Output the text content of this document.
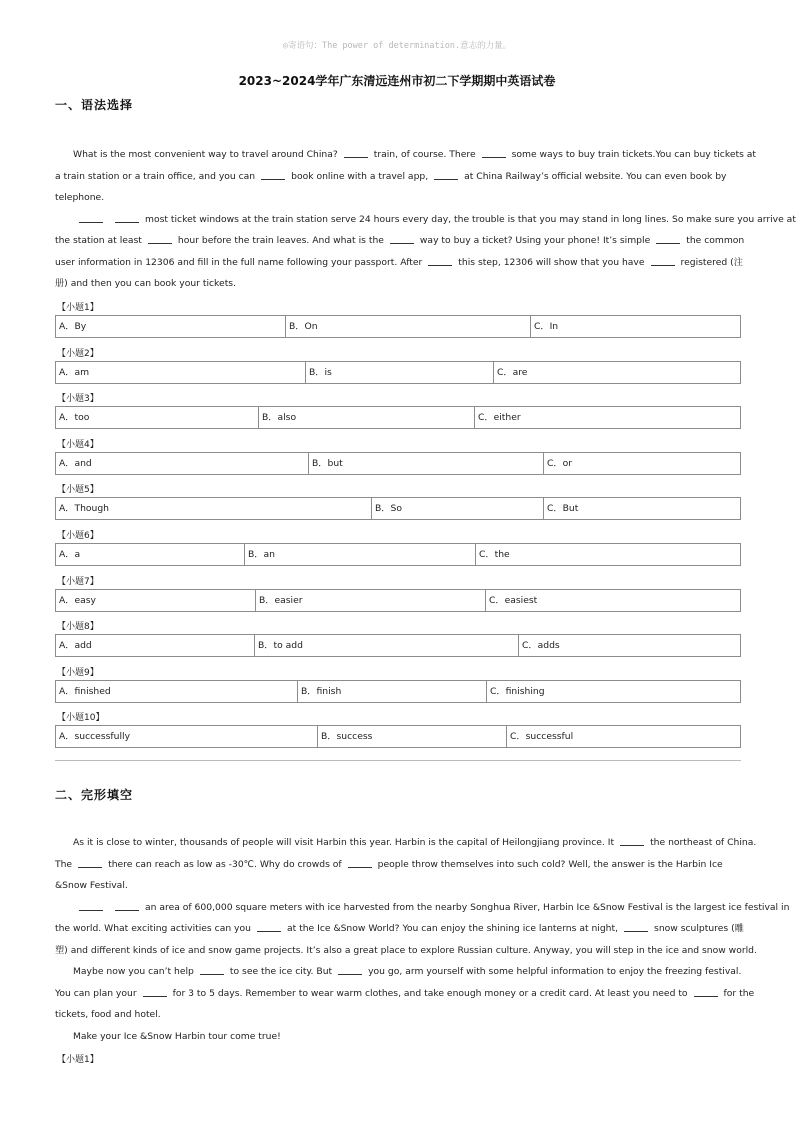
◎寄语句：The power of determination.意志的力量。
2023~2024学年广东清远连州市初二下学期期中英语试卷
一、语法选择
What is the most convenient way to travel around China?	train, of course. There	some ways to buy train tickets.You can buy tickets at
a train station or a train office, and you can	book online with a travel app,	at China Railway’s official website. You can even book by
telephone.
most ticket windows at the train station serve 24 hours every day, the trouble is that you may stand in long lines. So make sure you arrive at
the station at least	hour before the train leaves. And what is the	way to buy a ticket? Using your phone! It’s simple	the common
user information in 12306 and fill in the full name following your passport. After	this step, 12306 will show that you have	registered (注
册) and then you can book your tickets.
【小题1】
A．By	B．On	C．In
【小题2】
A．am	B．is	C．are
【小题3】
A．too	B．also	C．either
【小题4】
A．and	B．but	C．or
【小题5】
A．Though	B．So	C．But
【小题6】
A．a	B．an	C．the
【小题7】
A．easy	B．easier	C．easiest
【小题8】
A．add	B．to add	C．adds
【小题9】
A．finished	B．finish	C．finishing
【小题10】
A．successfully	B．success	C．successful
二、完形填空
As it is close to winter, thousands of people will visit Harbin this year. Harbin is the capital of Heilongjiang province. It	the northeast of China.
The	there can reach as low as -30℃. Why do crowds of	people throw themselves into such cold? Well, the answer is the Harbin Ice
&Snow Festival.
an area of 600,000 square meters with ice harvested from the nearby Songhua River, Harbin Ice &Snow Festival is the largest ice festival in
the world. What exciting activities can you	at the Ice &Snow World? You can enjoy the shining ice lanterns at night,	snow sculptures (雕
塑) and different kinds of ice and snow game projects. It’s also a great place to explore Russian culture. Anyway, you will step in the ice and snow world.
Maybe now you can’t help	to see the ice city. But	you go, arm yourself with some helpful information to enjoy the freezing festival.
You can plan your	for 3 to 5 days. Remember to wear warm clothes, and take enough money or a credit card. At least you need to	for the
tickets, food and hotel.
Make your Ice &Snow Harbin tour come true!
【小题1】
